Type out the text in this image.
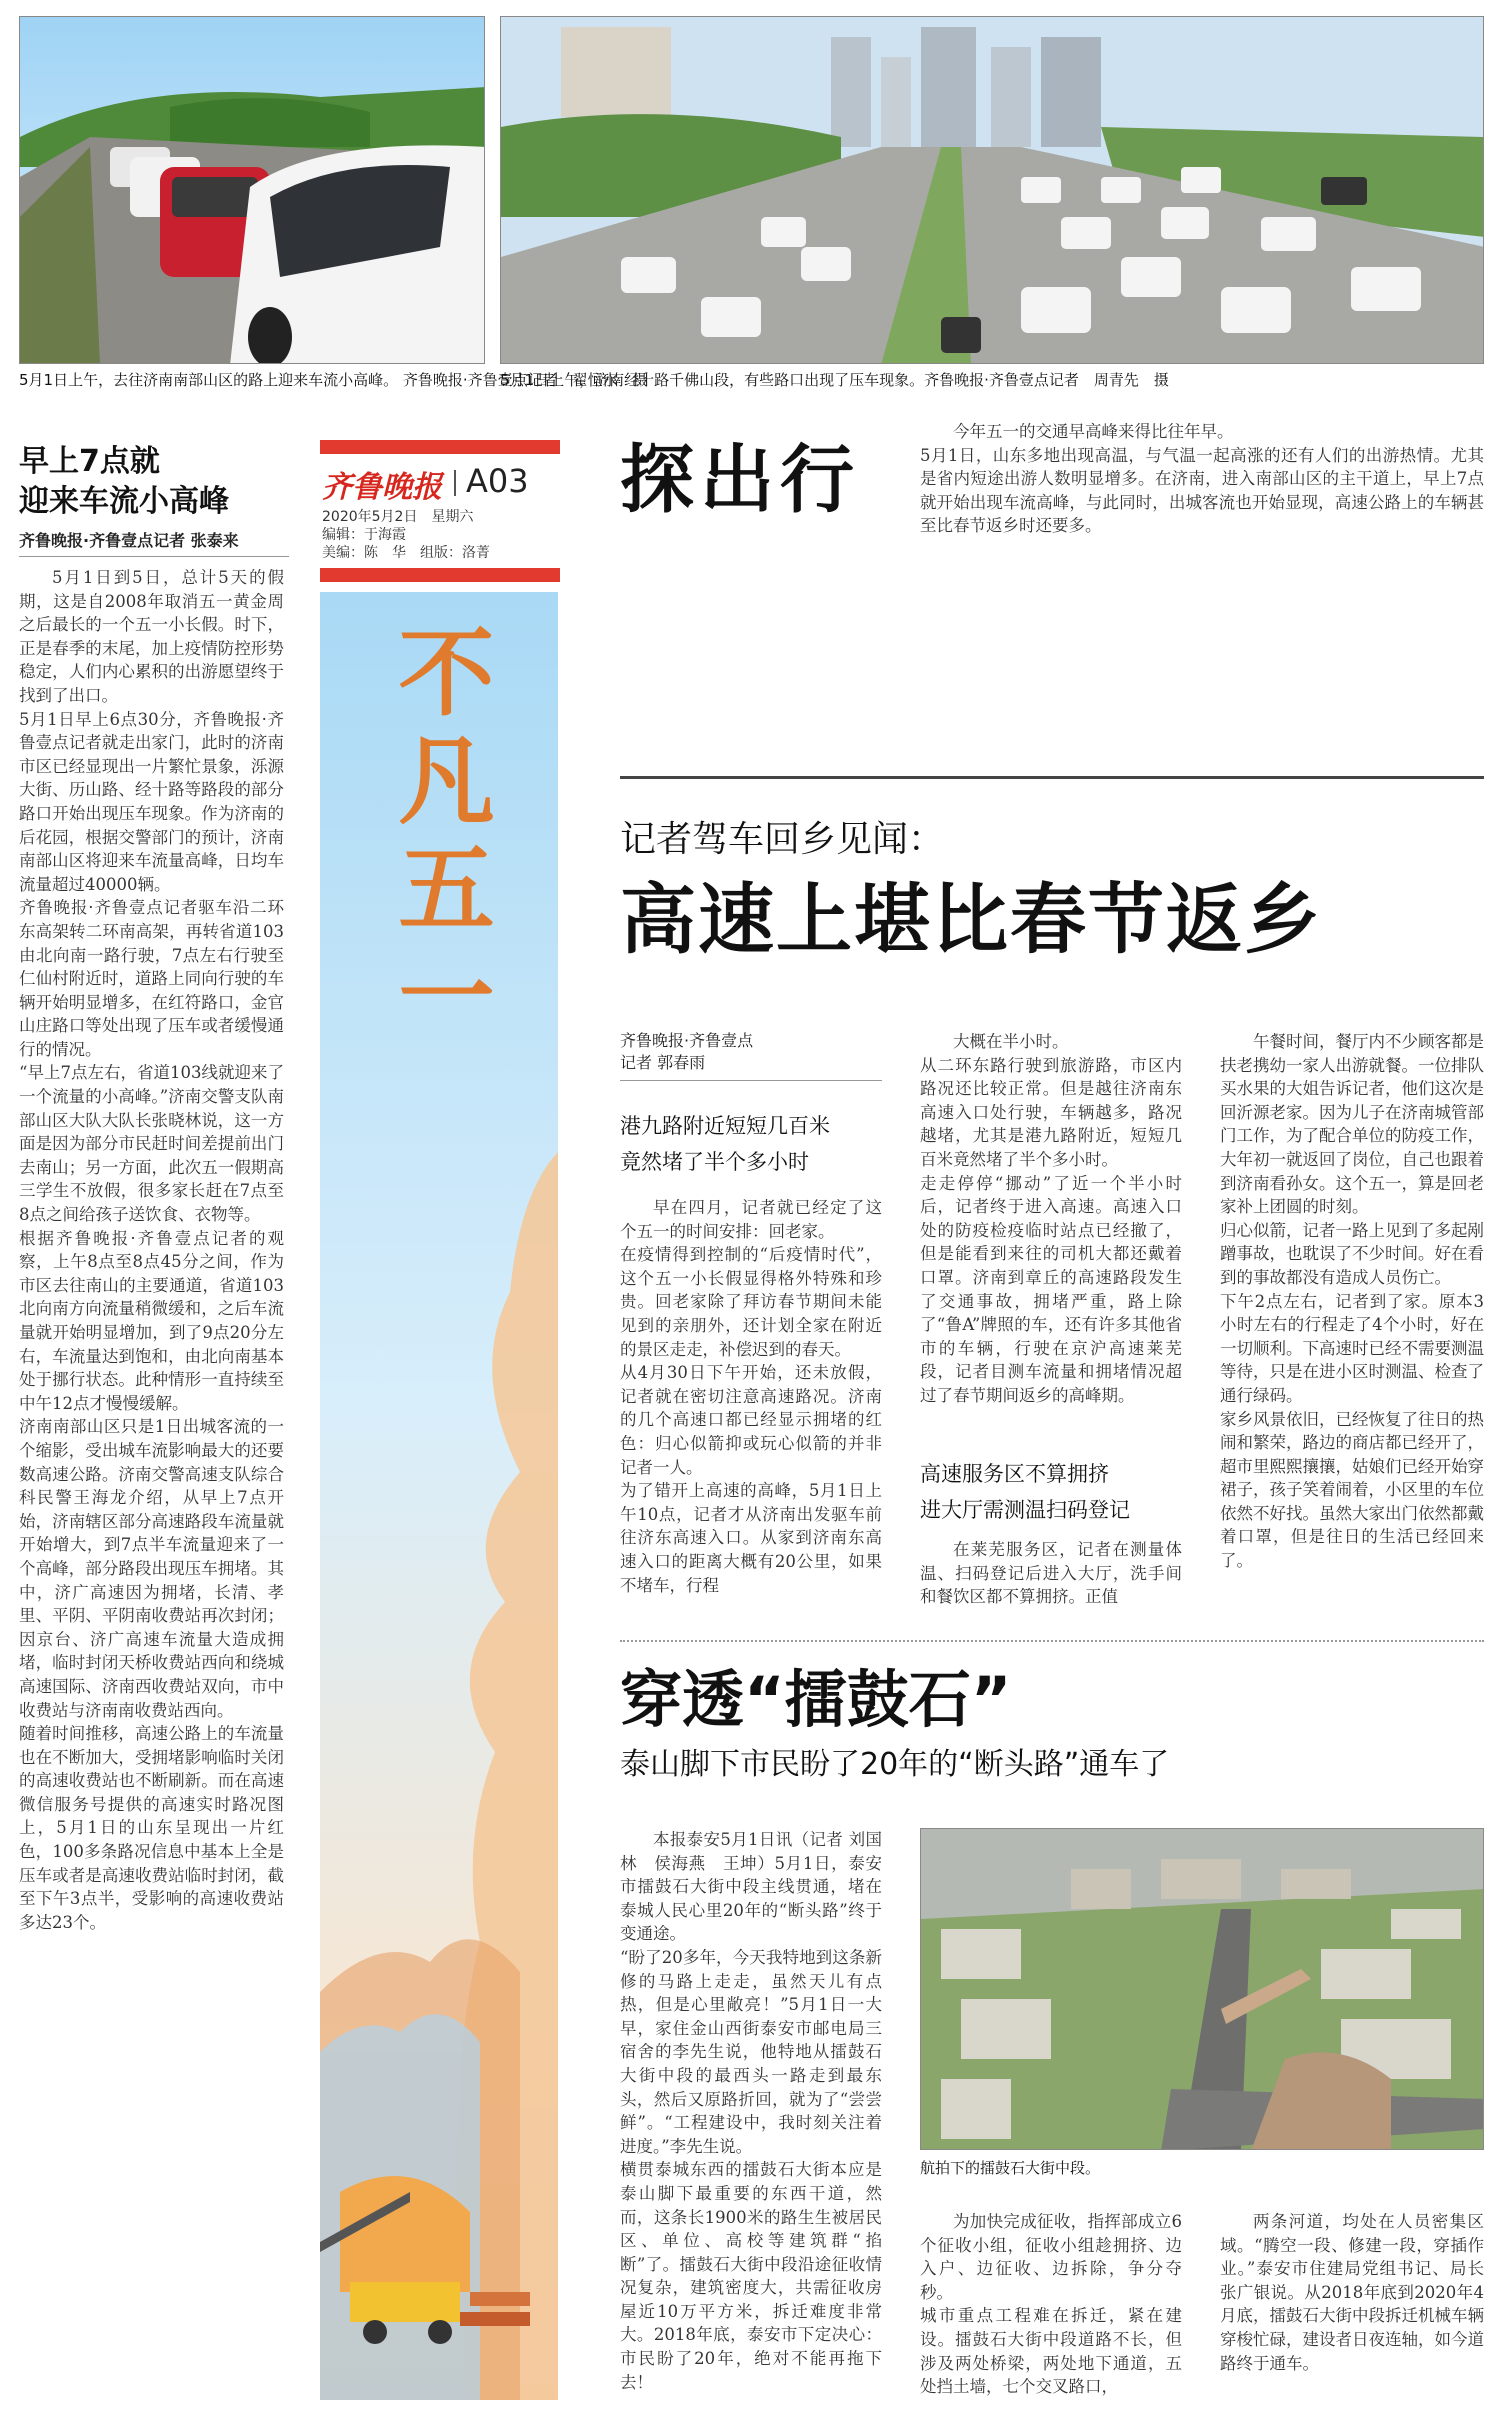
5月1日上午，去往济南南部山区的路上迎来车流小高峰。 齐鲁晚报·齐鲁壹点记者　翟恒水　摄
5月1日上午，济南经十路千佛山段，有些路口出现了压车现象。齐鲁晚报·齐鲁壹点记者　周青先　摄
早上7点就
迎来车流小高峰
齐鲁晚报·齐鲁壹点记者 张泰来
5月1日到5日，总计5天的假期，这是自2008年取消五一黄金周之后最长的一个五一小长假。时下，正是春季的末尾，加上疫情防控形势稳定，人们内心累积的出游愿望终于找到了出口。
5月1日早上6点30分，齐鲁晚报·齐鲁壹点记者就走出家门，此时的济南市区已经显现出一片繁忙景象，泺源大街、历山路、经十路等路段的部分路口开始出现压车现象。作为济南的后花园，根据交警部门的预计，济南南部山区将迎来车流量高峰，日均车流量超过40000辆。
齐鲁晚报·齐鲁壹点记者驱车沿二环东高架转二环南高架，再转省道103由北向南一路行驶，7点左右行驶至仁仙村附近时，道路上同向行驶的车辆开始明显增多，在红符路口，金官山庄路口等处出现了压车或者缓慢通行的情况。
“早上7点左右，省道103线就迎来了一个流量的小高峰。”济南交警支队南部山区大队大队长张晓林说，这一方面是因为部分市民赶时间差提前出门去南山；另一方面，此次五一假期高三学生不放假，很多家长赶在7点至8点之间给孩子送饮食、衣物等。
根据齐鲁晚报·齐鲁壹点记者的观察，上午8点至8点45分之间，作为市区去往南山的主要通道，省道103北向南方向流量稍微缓和，之后车流量就开始明显增加，到了9点20分左右，车流量达到饱和，由北向南基本处于挪行状态。此种情形一直持续至中午12点才慢慢缓解。
济南南部山区只是1日出城客流的一个缩影，受出城车流影响最大的还要数高速公路。济南交警高速支队综合科民警王海龙介绍，从早上7点开始，济南辖区部分高速路段车流量就开始增大，到7点半车流量迎来了一个高峰，部分路段出现压车拥堵。其中，济广高速因为拥堵，长清、孝里、平阴、平阴南收费站再次封闭；因京台、济广高速车流量大造成拥堵，临时封闭天桥收费站西向和绕城高速国际、济南西收费站双向，市中收费站与济南南收费站西向。
随着时间推移，高速公路上的车流量也在不断加大，受拥堵影响临时关闭的高速收费站也不断刷新。而在高速微信服务号提供的高速实时路况图上，5月1日的山东呈现出一片红色，100多条路况信息中基本上全是压车或者是高速收费站临时封闭，截至下午3点半，受影响的高速收费站多达23个。
齐鲁晚报 A03
2020年5月2日　星期六
编辑：于海霞
美编：陈　华　组版：洛菁
不凡五一
探出行
今年五一的交通早高峰来得比往年早。
5月1日，山东多地出现高温，与气温一起高涨的还有人们的出游热情。尤其是省内短途出游人数明显增多。在济南，进入南部山区的主干道上，早上7点就开始出现车流高峰，与此同时，出城客流也开始显现，高速公路上的车辆甚至比春节返乡时还要多。
记者驾车回乡见闻：
高速上堪比春节返乡
齐鲁晚报·齐鲁壹点
记者 郭春雨
港九路附近短短几百米
竟然堵了半个多小时
早在四月，记者就已经定了这个五一的时间安排：回老家。
在疫情得到控制的“后疫情时代”，这个五一小长假显得格外特殊和珍贵。回老家除了拜访春节期间未能见到的亲朋外，还计划全家在附近的景区走走，补偿迟到的春天。
从4月30日下午开始，还未放假，记者就在密切注意高速路况。济南的几个高速口都已经显示拥堵的红色：归心似箭抑或玩心似箭的并非记者一人。
为了错开上高速的高峰，5月1日上午10点，记者才从济南出发驱车前往济东高速入口。从家到济南东高速入口的距离大概有20公里，如果不堵车，行程
大概在半小时。
从二环东路行驶到旅游路，市区内路况还比较正常。但是越往济南东高速入口处行驶，车辆越多，路况越堵，尤其是港九路附近，短短几百米竟然堵了半个多小时。
走走停停“挪动”了近一个半小时后，记者终于进入高速。高速入口处的防疫检疫临时站点已经撤了，但是能看到来往的司机大都还戴着口罩。济南到章丘的高速路段发生了交通事故，拥堵严重，路上除了“鲁A”牌照的车，还有许多其他省市的车辆，行驶在京沪高速莱芜段，记者目测车流量和拥堵情况超过了春节期间返乡的高峰期。
高速服务区不算拥挤
进大厅需测温扫码登记
在莱芜服务区，记者在测量体温、扫码登记后进入大厅，洗手间和餐饮区都不算拥挤。正值
午餐时间，餐厅内不少顾客都是扶老携幼一家人出游就餐。一位排队买水果的大姐告诉记者，他们这次是回沂源老家。因为儿子在济南城管部门工作，为了配合单位的防疫工作，大年初一就返回了岗位，自己也跟着到济南看孙女。这个五一，算是回老家补上团圆的时刻。
归心似箭，记者一路上见到了多起剐蹭事故，也耽误了不少时间。好在看到的事故都没有造成人员伤亡。
下午2点左右，记者到了家。原本3小时左右的行程走了4个小时，好在一切顺利。下高速时已经不需要测温等待，只是在进小区时测温、检查了通行绿码。
家乡风景依旧，已经恢复了往日的热闹和繁荣，路边的商店都已经开了，超市里熙熙攘攘，姑娘们已经开始穿裙子，孩子笑着闹着，小区里的车位依然不好找。虽然大家出门依然都戴着口罩，但是往日的生活已经回来了。
穿透“擂鼓石”
泰山脚下市民盼了20年的“断头路”通车了
本报泰安5月1日讯（记者 刘国林　侯海燕　王坤）5月1日，泰安市擂鼓石大街中段主线贯通，堵在泰城人民心里20年的“断头路”终于变通途。
“盼了20多年，今天我特地到这条新修的马路上走走，虽然天儿有点热，但是心里敞亮！”5月1日一大早，家住金山西街泰安市邮电局三宿舍的李先生说，他特地从擂鼓石大街中段的最西头一路走到最东头，然后又原路折回，就为了“尝尝鲜”。“工程建设中，我时刻关注着进度。”李先生说。
横贯泰城东西的擂鼓石大街本应是泰山脚下最重要的东西干道，然而，这条长1900米的路生生被居民区、单位、高校等建筑群“掐断”了。擂鼓石大街中段沿途征收情况复杂，建筑密度大，共需征收房屋近10万平方米，拆迁难度非常大。2018年底，泰安市下定决心：市民盼了20年，绝对不能再拖下去！
航拍下的擂鼓石大街中段。
为加快完成征收，指挥部成立6个征收小组，征收小组趁拥挤、边入户、边征收、边拆除，争分夺秒。
城市重点工程难在拆迁，紧在建设。擂鼓石大街中段道路不长，但涉及两处桥梁，两处地下通道，五处挡土墙，七个交叉路口，
两条河道，均处在人员密集区域。“腾空一段、修建一段，穿插作业。”泰安市住建局党组书记、局长张广银说。从2018年底到2020年4月底，擂鼓石大街中段拆迁机械车辆穿梭忙碌，建设者日夜连轴，如今道路终于通车。
